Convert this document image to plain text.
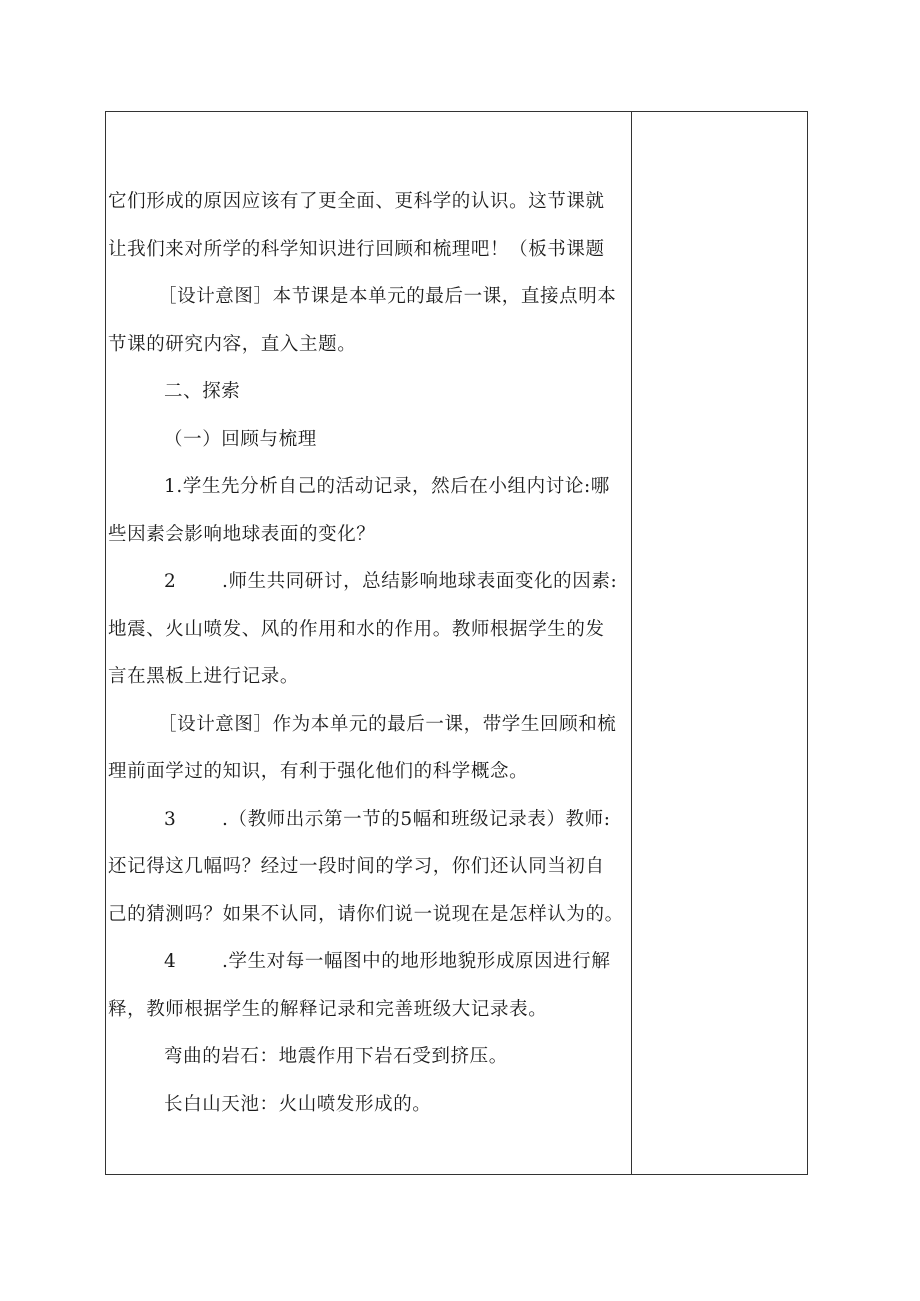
它们形成的原因应该有了更全面、更科学的认识。这节课就

让我们来对所学的科学知识进行回顾和梳理吧！（板书课题

［设计意图］本节课是本单元的最后一课，直接点明本

节课的研究内容，直入主题。

二、探索

（一）回顾与梳理

1.学生先分析自己的活动记录，然后在小组内讨论:哪

些因素会影响地球表面的变化？

2 .师生共同研讨，总结影响地球表面变化的因素:

地震、火山喷发、风的作用和水的作用。教师根据学生的发

言在黑板上进行记录。

［设计意图］作为本单元的最后一课，带学生回顾和梳

理前面学过的知识，有利于强化他们的科学概念。

3 .（教师出示第一节的5幅和班级记录表）教师:

还记得这几幅吗？经过一段时间的学习，你们还认同当初自

己的猜测吗？如果不认同，请你们说一说现在是怎样认为的。

4 .学生对每一幅图中的地形地貌形成原因进行解

释，教师根据学生的解释记录和完善班级大记录表。

弯曲的岩石：地震作用下岩石受到挤压。

长白山天池：火山喷发形成的。
